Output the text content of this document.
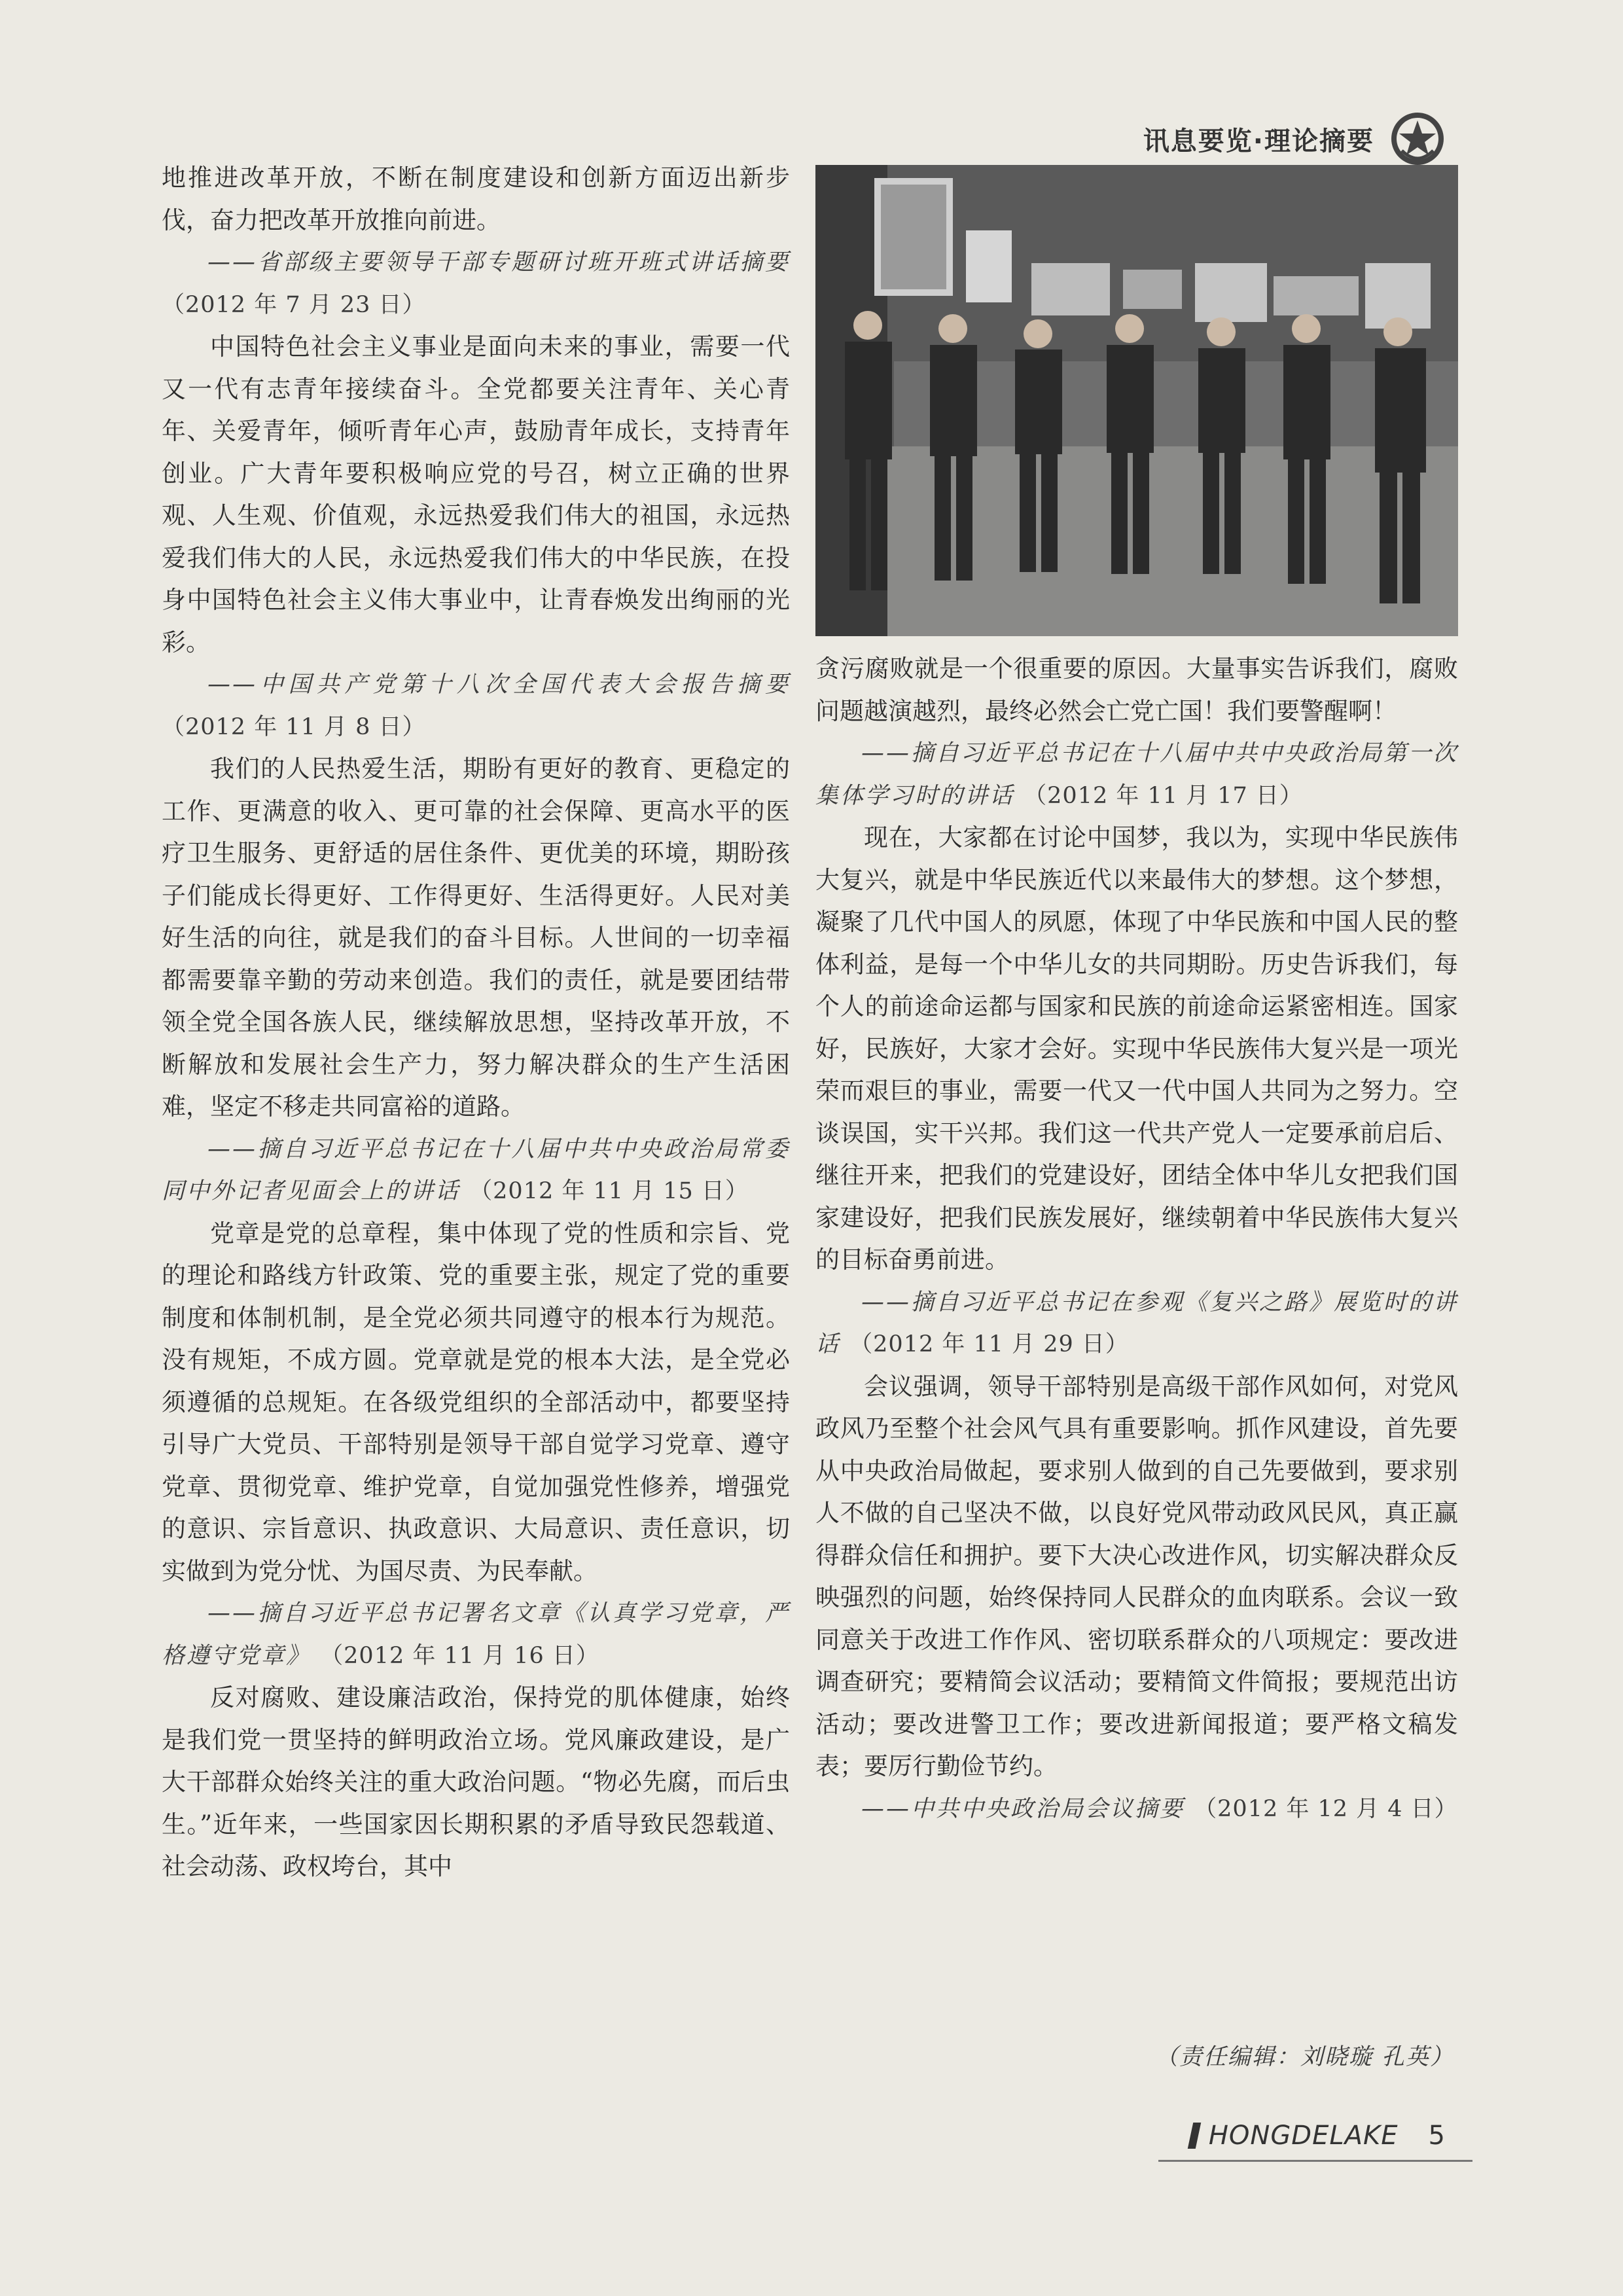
讯息要览·理论摘要

地推进改革开放，不断在制度建设和创新方面迈出新步伐，奋力把改革开放推向前进。

——省部级主要领导干部专题研讨班开班式讲话摘要 （2012 年 7 月 23 日）

中国特色社会主义事业是面向未来的事业，需要一代又一代有志青年接续奋斗。全党都要关注青年、关心青年、关爱青年，倾听青年心声，鼓励青年成长，支持青年创业。广大青年要积极响应党的号召，树立正确的世界观、人生观、价值观，永远热爱我们伟大的祖国，永远热爱我们伟大的人民，永远热爱我们伟大的中华民族，在投身中国特色社会主义伟大事业中，让青春焕发出绚丽的光彩。

——中国共产党第十八次全国代表大会报告摘要 （2012 年 11 月 8 日）

我们的人民热爱生活，期盼有更好的教育、更稳定的工作、更满意的收入、更可靠的社会保障、更高水平的医疗卫生服务、更舒适的居住条件、更优美的环境，期盼孩子们能成长得更好、工作得更好、生活得更好。人民对美好生活的向往，就是我们的奋斗目标。人世间的一切幸福都需要靠辛勤的劳动来创造。我们的责任，就是要团结带领全党全国各族人民，继续解放思想，坚持改革开放，不断解放和发展社会生产力，努力解决群众的生产生活困难，坚定不移走共同富裕的道路。

——摘自习近平总书记在十八届中共中央政治局常委同中外记者见面会上的讲话 （2012 年 11 月 15 日）

党章是党的总章程，集中体现了党的性质和宗旨、党的理论和路线方针政策、党的重要主张，规定了党的重要制度和体制机制，是全党必须共同遵守的根本行为规范。没有规矩，不成方圆。党章就是党的根本大法，是全党必须遵循的总规矩。在各级党组织的全部活动中，都要坚持引导广大党员、干部特别是领导干部自觉学习党章、遵守党章、贯彻党章、维护党章，自觉加强党性修养，增强党的意识、宗旨意识、执政意识、大局意识、责任意识，切实做到为党分忧、为国尽责、为民奉献。

——摘自习近平总书记署名文章《认真学习党章，严格遵守党章》 （2012 年 11 月 16 日）

反对腐败、建设廉洁政治，保持党的肌体健康，始终是我们党一贯坚持的鲜明政治立场。党风廉政建设，是广大干部群众始终关注的重大政治问题。“物必先腐，而后虫生。”近年来，一些国家因长期积累的矛盾导致民怨载道、社会动荡、政权垮台，其中

贪污腐败就是一个很重要的原因。大量事实告诉我们，腐败问题越演越烈，最终必然会亡党亡国！我们要警醒啊！

——摘自习近平总书记在十八届中共中央政治局第一次集体学习时的讲话 （2012 年 11 月 17 日）

现在，大家都在讨论中国梦，我以为，实现中华民族伟大复兴，就是中华民族近代以来最伟大的梦想。这个梦想，凝聚了几代中国人的夙愿，体现了中华民族和中国人民的整体利益，是每一个中华儿女的共同期盼。历史告诉我们，每个人的前途命运都与国家和民族的前途命运紧密相连。国家好，民族好，大家才会好。实现中华民族伟大复兴是一项光荣而艰巨的事业，需要一代又一代中国人共同为之努力。空谈误国，实干兴邦。我们这一代共产党人一定要承前启后、继往开来，把我们的党建设好，团结全体中华儿女把我们国家建设好，把我们民族发展好，继续朝着中华民族伟大复兴的目标奋勇前进。

——摘自习近平总书记在参观《复兴之路》展览时的讲话 （2012 年 11 月 29 日）

会议强调，领导干部特别是高级干部作风如何，对党风政风乃至整个社会风气具有重要影响。抓作风建设，首先要从中央政治局做起，要求别人做到的自己先要做到，要求别人不做的自己坚决不做，以良好党风带动政风民风，真正赢得群众信任和拥护。要下大决心改进作风，切实解决群众反映强烈的问题，始终保持同人民群众的血肉联系。会议一致同意关于改进工作作风、密切联系群众的八项规定：要改进调查研究；要精简会议活动；要精简文件简报；要规范出访活动；要改进警卫工作；要改进新闻报道；要严格文稿发表；要厉行勤俭节约。

——中共中央政治局会议摘要 （2012 年 12 月 4 日）

（责任编辑：刘晓璇 孔英）
HONGDELAKE 5
